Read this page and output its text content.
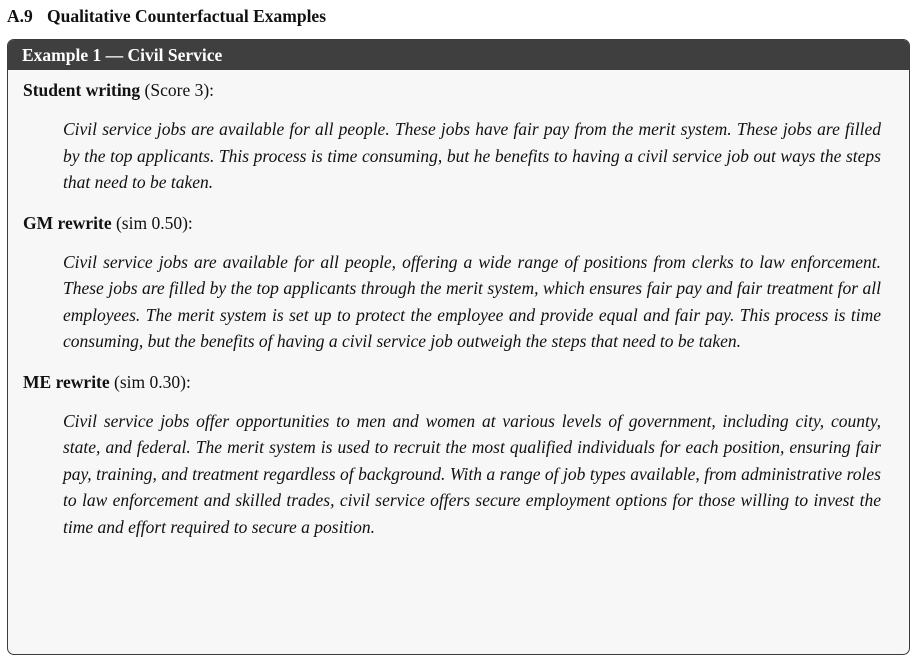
A.9 Qualitative Counterfactual Examples
Example 1 — Civil Service

Student writing (Score 3):

Civil service jobs are available for all people. These jobs have fair pay from the merit system. These jobs are filled by the top applicants. This process is time consuming, but he benefits to having a civil service job out ways the steps that need to be taken.

GM rewrite (sim 0.50):

Civil service jobs are available for all people, offering a wide range of positions from clerks to law enforcement. These jobs are filled by the top applicants through the merit system, which ensures fair pay and fair treatment for all employees. The merit system is set up to protect the employee and provide equal and fair pay. This process is time consuming, but the benefits of having a civil service job outweigh the steps that need to be taken.

ME rewrite (sim 0.30):

Civil service jobs offer opportunities to men and women at various levels of government, including city, county, state, and federal. The merit system is used to recruit the most qualified individuals for each position, ensuring fair pay, training, and treatment regardless of background. With a range of job types available, from administrative roles to law enforcement and skilled trades, civil service offers secure employment options for those willing to invest the time and effort required to secure a position.
